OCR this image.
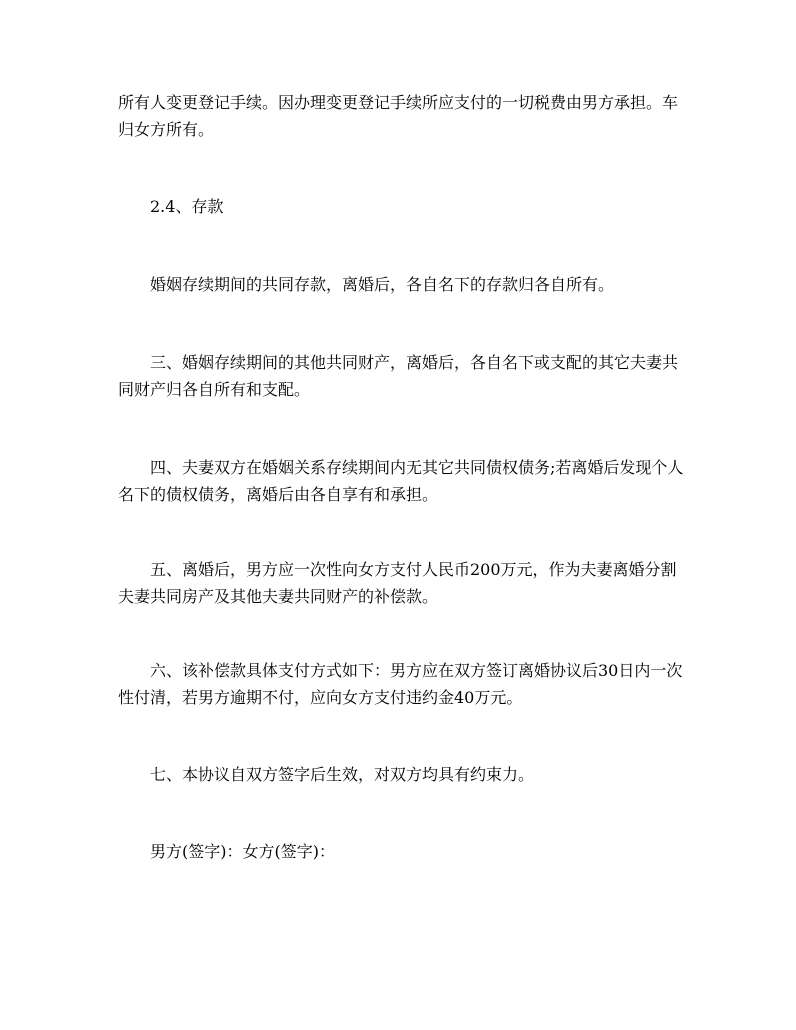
所有人变更登记手续。因办理变更登记手续所应支付的一切税费由男方承担。车归女方所有。

　　2.4、存款

　　婚姻存续期间的共同存款，离婚后，各自名下的存款归各自所有。

　　三、婚姻存续期间的其他共同财产，离婚后，各自名下或支配的其它夫妻共同财产归各自所有和支配。

　　四、夫妻双方在婚姻关系存续期间内无其它共同债权债务;若离婚后发现个人名下的债权债务，离婚后由各自享有和承担。

　　五、离婚后，男方应一次性向女方支付人民币200万元，作为夫妻离婚分割夫妻共同房产及其他夫妻共同财产的补偿款。

　　六、该补偿款具体支付方式如下：男方应在双方签订离婚协议后30日内一次性付清，若男方逾期不付，应向女方支付违约金40万元。

　　七、本协议自双方签字后生效，对双方均具有约束力。

　　男方(签字)：女方(签字)：
